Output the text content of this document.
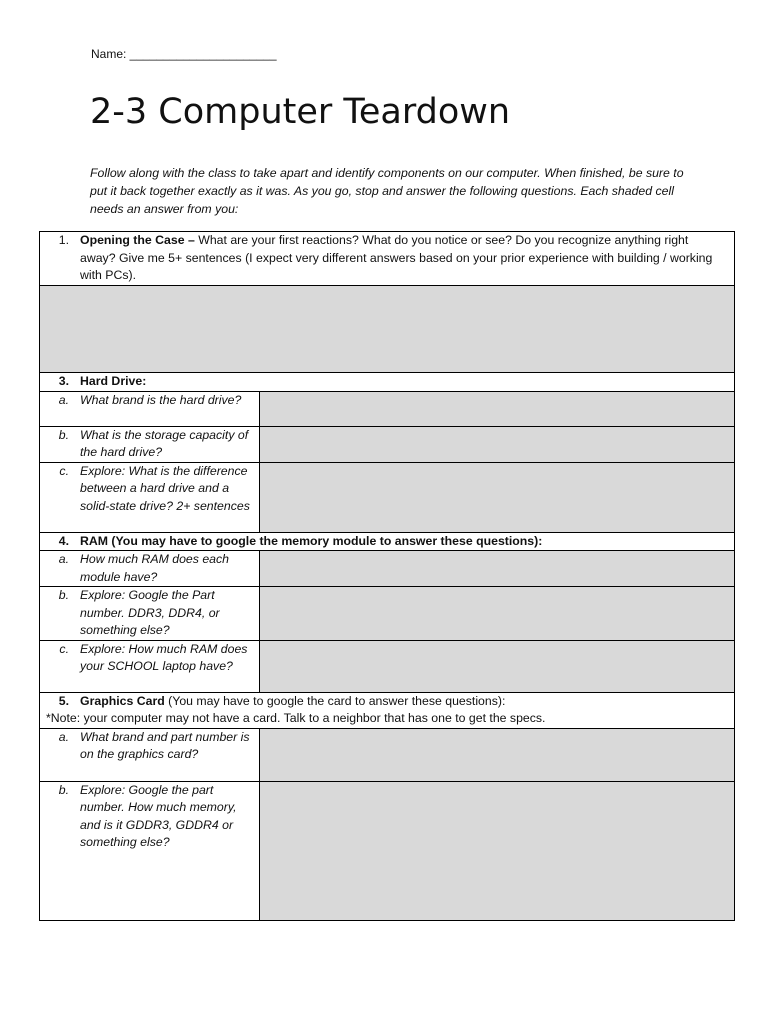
Name: ______________________
2-3 Computer Teardown
Follow along with the class to take apart and identify components on our computer. When finished, be sure to put it back together exactly as it was. As you go, stop and answer the following questions. Each shaded cell needs an answer from you:
1. Opening the Case – What are your first reactions? What do you notice or see? Do you recognize anything right away? Give me 5+ sentences (I expect very different answers based on your prior experience with building / working with PCs).	

3. Hard Drive:	

a. What brand is the hard drive?	

b. What is the storage capacity of the hard drive?	

c. Explore: What is the difference between a hard drive and a solid-state drive? 2+ sentences	

4. RAM (You may have to google the memory module to answer these questions):	

a. How much RAM does each module have?	

b. Explore: Google the Part number. DDR3, DDR4, or something else?	

c. Explore: How much RAM does your SCHOOL laptop have?	

5. Graphics Card (You may have to google the card to answer these questions):
*Note: your computer may not have a card. Talk to a neighbor that has one to get the specs.	

a. What brand and part number is on the graphics card?	

b. Explore: Google the part number. How much memory, and is it GDDR3, GDDR4 or something else?	
